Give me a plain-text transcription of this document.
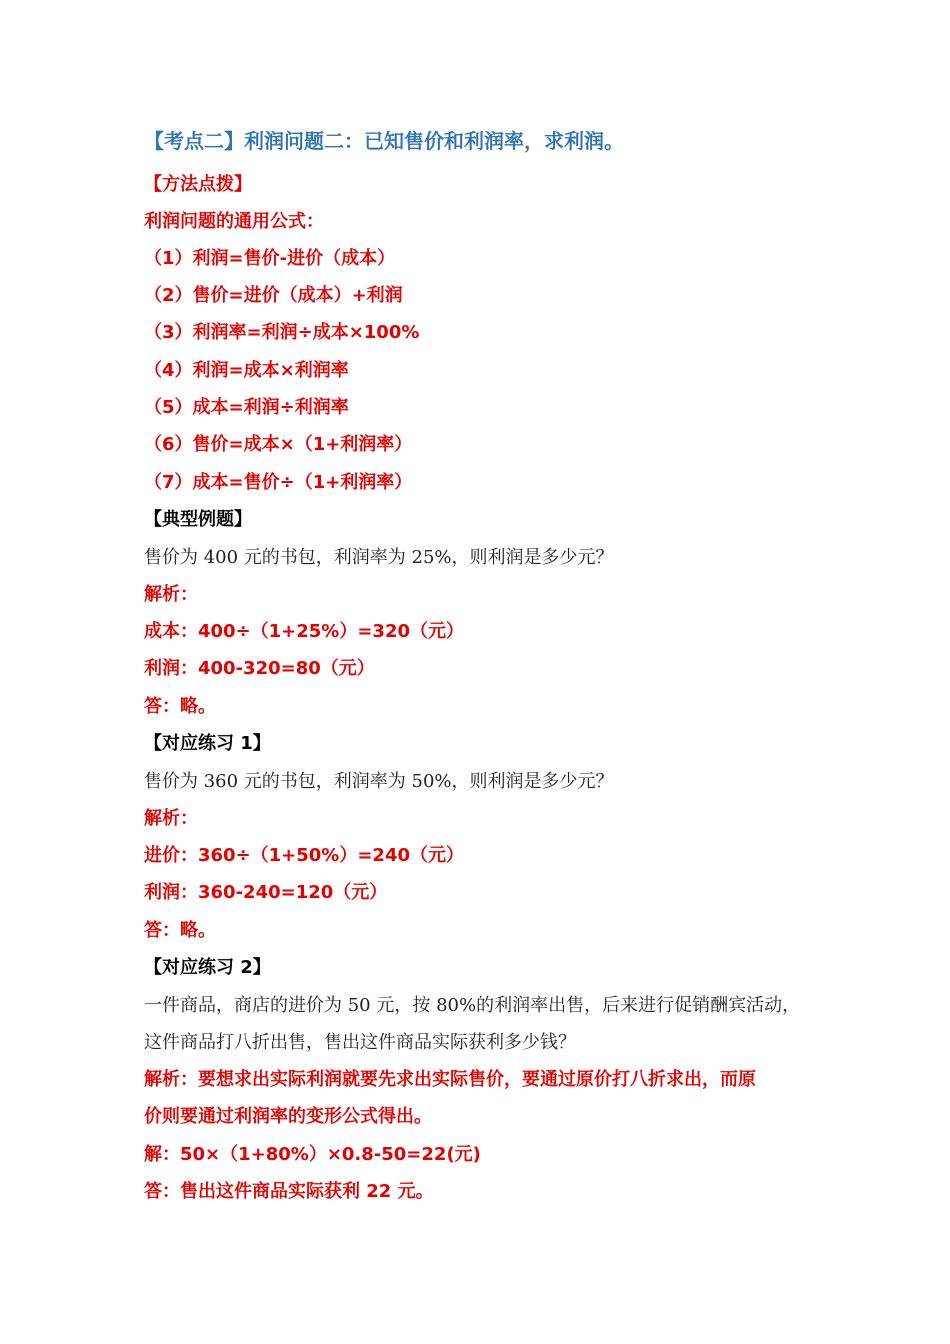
【考点二】利润问题二：已知售价和利润率，求利润。
【方法点拨】
利润问题的通用公式：
（1）利润=售价-进价（成本）
（2）售价=进价（成本）+利润
（3）利润率=利润÷成本×100%
（4）利润=成本×利润率
（5）成本=利润÷利润率
（6）售价=成本×（1+利润率）
（7）成本=售价÷（1+利润率）
【典型例题】
售价为 400 元的书包，利润率为 25%，则利润是多少元？
解析：
成本：400÷（1+25%）=320（元）
利润：400-320=80（元）
答：略。
【对应练习 1】
售价为 360 元的书包，利润率为 50%，则利润是多少元？
解析：
进价：360÷（1+50%）=240（元）
利润：360-240=120（元）
答：略。
【对应练习 2】
一件商品，商店的进价为 50 元，按 80%的利润率出售，后来进行促销酬宾活动，
这件商品打八折出售，售出这件商品实际获利多少钱？
解析：要想求出实际利润就要先求出实际售价，要通过原价打八折求出，而原
价则要通过利润率的变形公式得出。
解：50×（1+80%）×0.8-50=22(元)
答：售出这件商品实际获利 22 元。
